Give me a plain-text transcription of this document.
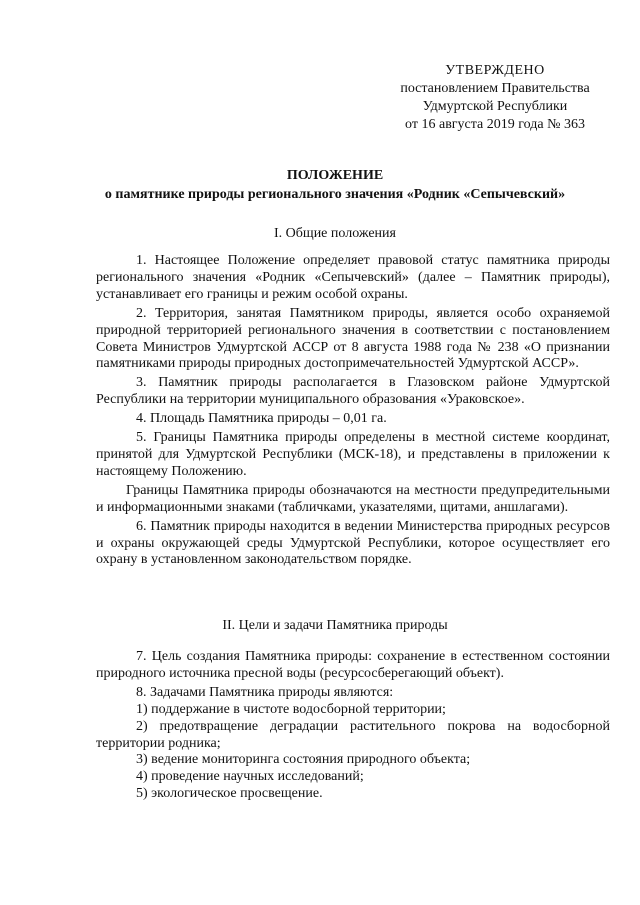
УТВЕРЖДЕНО
постановлением Правительства
Удмуртской Республики
от 16 августа 2019 года № 363
ПОЛОЖЕНИЕ
о памятнике природы регионального значения «Родник «Сепычевский»
I. Общие положения

1. Настоящее Положение определяет правовой статус памятника природы регионального значения «Родник «Сепычевский» (далее – Памятник природы), устанавливает его границы и режим особой охраны.

2. Территория, занятая Памятником природы, является особо охраняемой природной территорией регионального значения в соответствии с постановлением Совета Министров Удмуртской АССР от 8 августа 1988 года № 238 «О признании памятниками природы природных достопримечательностей Удмуртской АССР».

3. Памятник природы располагается в Глазовском районе Удмуртской Республики на территории муниципального образования «Ураковское».

4. Площадь Памятника природы – 0,01 га.

5. Границы Памятника природы определены в местной системе координат, принятой для Удмуртской Республики (МСК-18), и представлены в приложении к настоящему Положению.

Границы Памятника природы обозначаются на местности предупредительными и информационными знаками (табличками, указателями, щитами, аншлагами).

6. Памятник природы находится в ведении Министерства природных ресурсов и охраны окружающей среды Удмуртской Республики, которое осуществляет его охрану в установленном законодательством порядке.

II. Цели и задачи Памятника природы

7. Цель создания Памятника природы: сохранение в естественном состоянии природного источника пресной воды (ресурсосберегающий объект).

8. Задачами Памятника природы являются:

1) поддержание в чистоте водосборной территории;

2) предотвращение деградации растительного покрова на водосборной территории родника;

3) ведение мониторинга состояния природного объекта;

4) проведение научных исследований;

5) экологическое просвещение.
